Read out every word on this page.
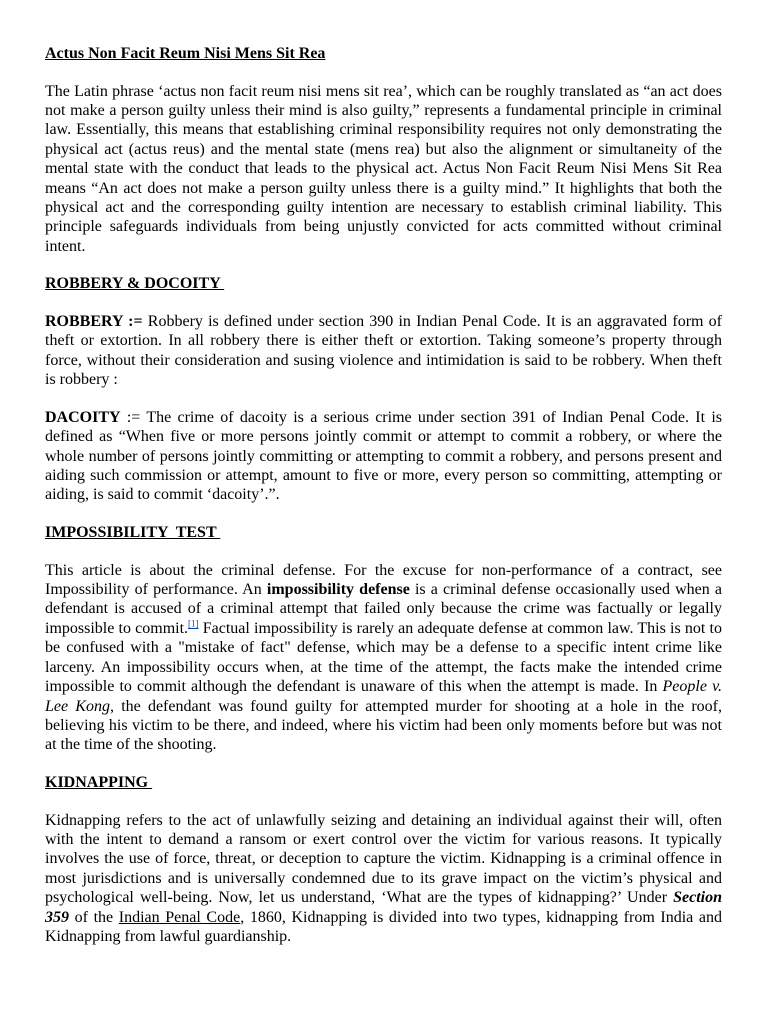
Actus Non Facit Reum Nisi Mens Sit Rea

The Latin phrase ‘actus non facit reum nisi mens sit rea’, which can be roughly translated as “an act does not make a person guilty unless their mind is also guilty,” represents a fundamental principle in criminal law. Essentially, this means that establishing criminal responsibility requires not only demonstrating the physical act (actus reus) and the mental state (mens rea) but also the alignment or simultaneity of the mental state with the conduct that leads to the physical act. Actus Non Facit Reum Nisi Mens Sit Rea means “An act does not make a person guilty unless there is a guilty mind.” It highlights that both the physical act and the corresponding guilty intention are necessary to establish criminal liability. This principle safeguards individuals from being unjustly convicted for acts committed without criminal intent.

ROBBERY & DOCOITY

ROBBERY := Robbery is defined under section 390 in Indian Penal Code. It is an aggravated form of theft or extortion. In all robbery there is either theft or extortion. Taking someone’s property through force, without their consideration and susing violence and intimidation is said to be robbery. When theft is robbery :

DACOITY := The crime of dacoity is a serious crime under section 391 of Indian Penal Code. It is defined as “When five or more persons jointly commit or attempt to commit a robbery, or where the whole number of persons jointly committing or attempting to commit a robbery, and persons present and aiding such commission or attempt, amount to five or more, every person so committing, attempting or aiding, is said to commit ‘dacoity’.”.

IMPOSSIBILITY  TEST

This article is about the criminal defense. For the excuse for non-performance of a contract, see Impossibility of performance. An impossibility defense is a criminal defense occasionally used when a defendant is accused of a criminal attempt that failed only because the crime was factually or legally impossible to commit.[1] Factual impossibility is rarely an adequate defense at common law. This is not to be confused with a "mistake of fact" defense, which may be a defense to a specific intent crime like larceny. An impossibility occurs when, at the time of the attempt, the facts make the intended crime impossible to commit although the defendant is unaware of this when the attempt is made. In People v. Lee Kong, the defendant was found guilty for attempted murder for shooting at a hole in the roof, believing his victim to be there, and indeed, where his victim had been only moments before but was not at the time of the shooting.

KIDNAPPING

Kidnapping refers to the act of unlawfully seizing and detaining an individual against their will, often with the intent to demand a ransom or exert control over the victim for various reasons. It typically involves the use of force, threat, or deception to capture the victim. Kidnapping is a criminal offence in most jurisdictions and is universally condemned due to its grave impact on the victim’s physical and psychological well-being. Now, let us understand, ‘What are the types of kidnapping?’ Under Section 359 of the Indian Penal Code, 1860, Kidnapping is divided into two types, kidnapping from India and Kidnapping from lawful guardianship.
